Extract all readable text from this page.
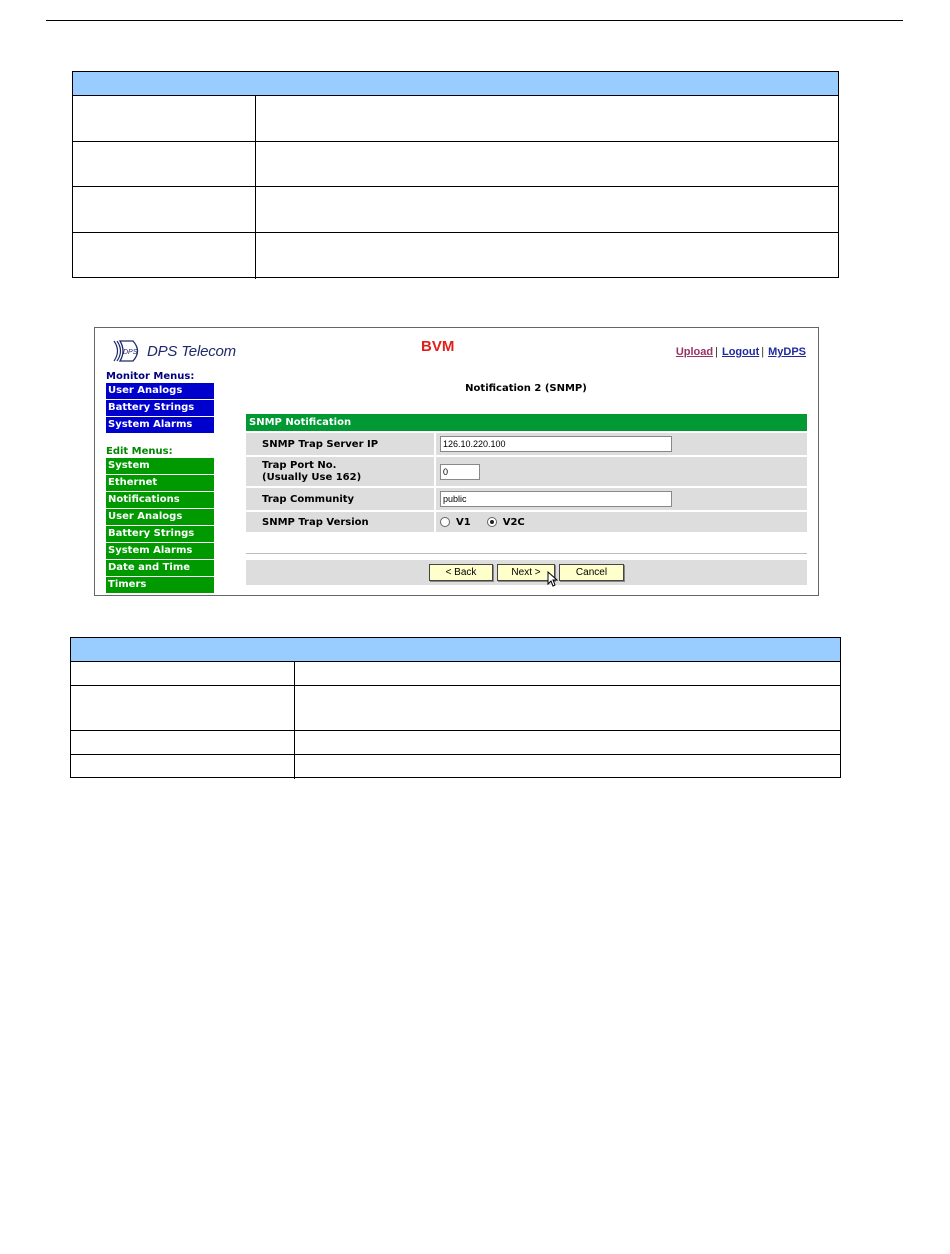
DPS DPS Telecom	BVM	Upload | Logout | MyDPS
Monitor Menus:
User Analogs
Battery Strings
System Alarms
Edit Menus:
System
Ethernet
Notifications
User Analogs
Battery Strings
System Alarms
Date and Time
Timers
Notification 2 (SNMP)
SNMP Notification
SNMP Trap Server IP	126.10.220.100
Trap Port No.
(Usually Use 162)	0
Trap Community	public
SNMP Trap Version	V1	V2C
< Back	Next >	Cancel
